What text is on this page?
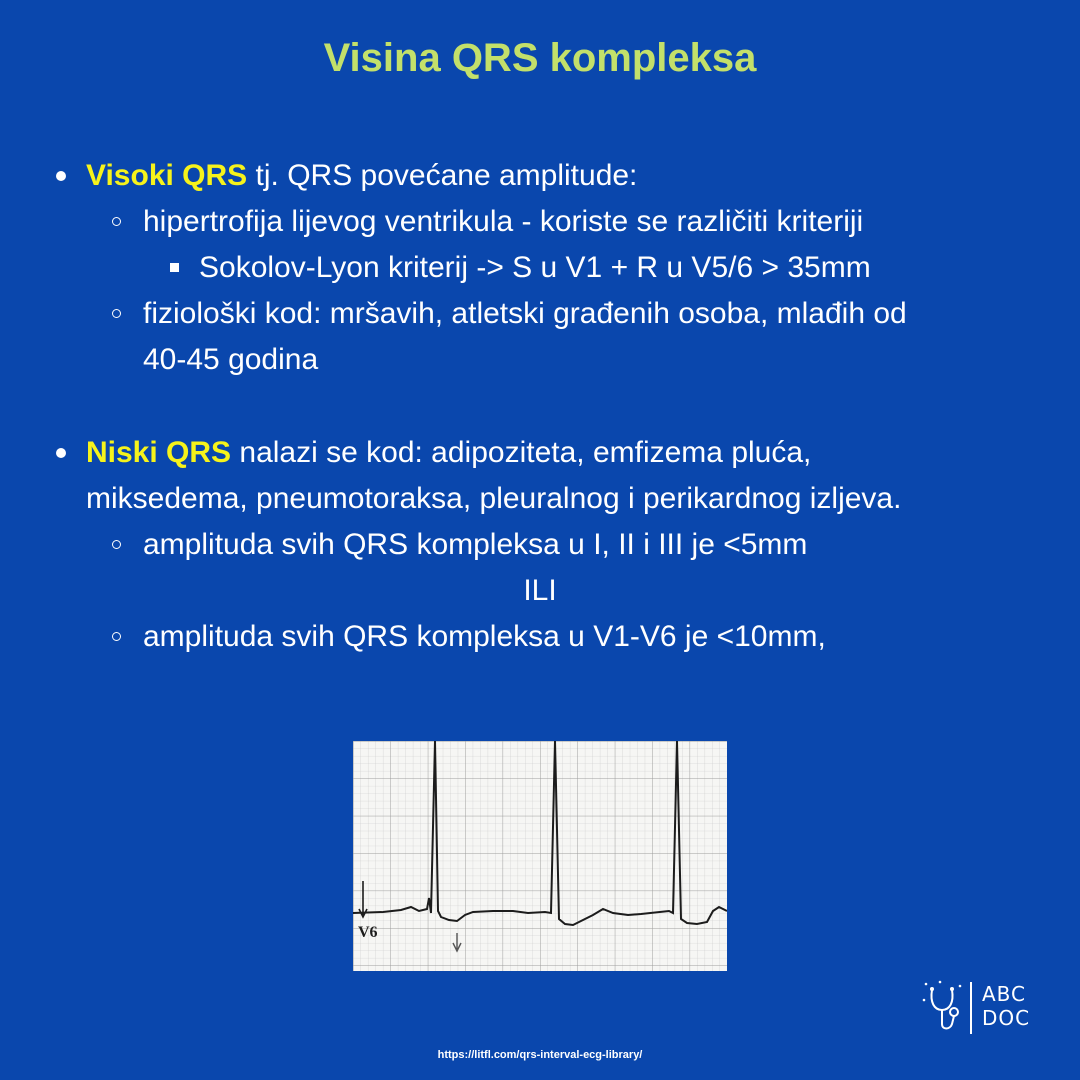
Visina QRS kompleksa
Visoki QRS tj. QRS povećane amplitude:
hipertrofija lijevog ventrikula - koriste se različiti kriteriji
Sokolov-Lyon kriterij -> S u V1 + R u V5/6 > 35mm
fiziološki kod: mršavih, atletski građenih osoba, mlađih od
40-45 godina
Niski QRS nalazi se kod: adipoziteta, emfizema pluća,
miksedema, pneumotoraksa, pleuralnog i perikardnog izljeva.
amplituda svih QRS kompleksa u I, II i III je <5mm
ILI
amplituda svih QRS kompleksa u V1-V6 je <10mm,
V6
ABC
DOC
https://litfl.com/qrs-interval-ecg-library/
